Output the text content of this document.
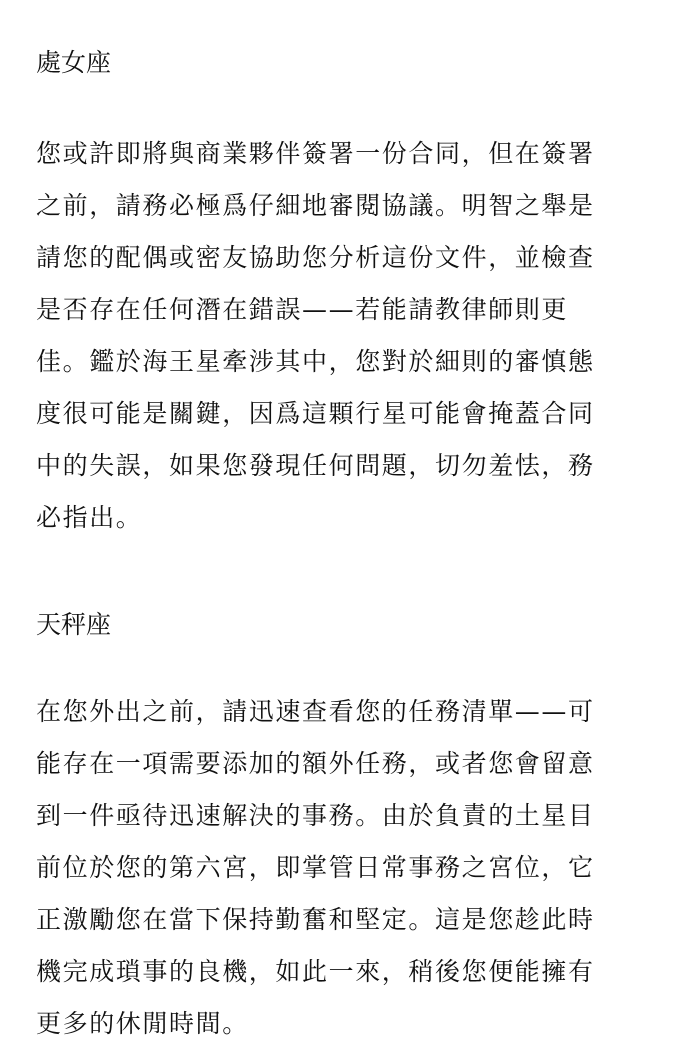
處女座

您或許即將與商業夥伴簽署一份合同，但在簽署
之前，請務必極爲仔細地審閱協議。明智之舉是
請您的配偶或密友協助您分析這份文件，並檢查
是否存在任何潛在錯誤——若能請教律師則更
佳。鑑於海王星牽涉其中，您對於細則的審慎態
度很可能是關鍵，因爲這顆行星可能會掩蓋合同
中的失誤，如果您發現任何問題，切勿羞怯，務
必指出。

天秤座

在您外出之前，請迅速查看您的任務清單——可
能存在一項需要添加的額外任務，或者您會留意
到一件亟待迅速解決的事務。由於負責的土星目
前位於您的第六宮，即掌管日常事務之宮位，它
正激勵您在當下保持勤奮和堅定。這是您趁此時
機完成瑣事的良機，如此一來，稍後您便能擁有
更多的休閒時間。
